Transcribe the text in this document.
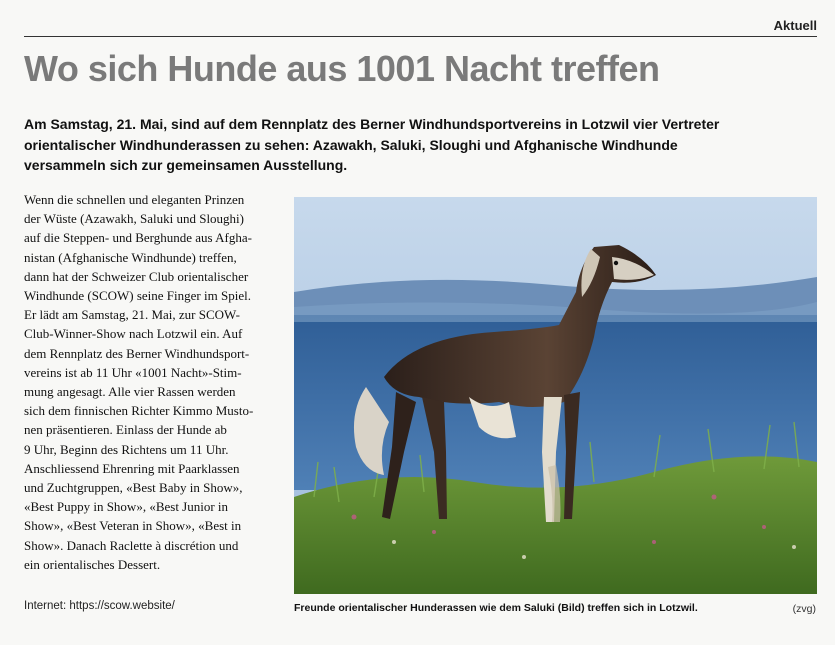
Aktuell
Wo sich Hunde aus 1001 Nacht treffen

Am Samstag, 21. Mai, sind auf dem Rennplatz des Berner Windhundsportvereins in Lotzwil vier Vertreter orientalischer Windhunderassen zu sehen: Azawakh, Saluki, Sloughi und Afghanische Windhunde versammeln sich zur gemeinsamen Ausstellung.

Wenn die schnellen und eleganten Prinzen
der Wüste (Azawakh, Saluki und Sloughi)
auf die Steppen- und Berghunde aus Afgha-
nistan (Afghanische Windhunde) treffen,
dann hat der Schweizer Club orientalischer
Windhunde (SCOW) seine Finger im Spiel.
Er lädt am Samstag, 21. Mai, zur SCOW-
Club-Winner-Show nach Lotzwil ein. Auf
dem Rennplatz des Berner Windhundsport-
vereins ist ab 11 Uhr «1001 Nacht»-Stim-
mung angesagt. Alle vier Rassen werden
sich dem finnischen Richter Kimmo Musto-
nen präsentieren. Einlass der Hunde ab
9 Uhr, Beginn des Richtens um 11 Uhr.
Anschliessend Ehrenring mit Paarklassen
und Zuchtgruppen, «Best Baby in Show»,
«Best Puppy in Show», «Best Junior in
Show», «Best Veteran in Show», «Best in
Show». Danach Raclette à discrétion und
ein orientalisches Dessert.
Internet: https://scow.website/	Freunde orientalischer Hunderassen wie dem Saluki (Bild) treffen sich in Lotzwil.	(zvg)
